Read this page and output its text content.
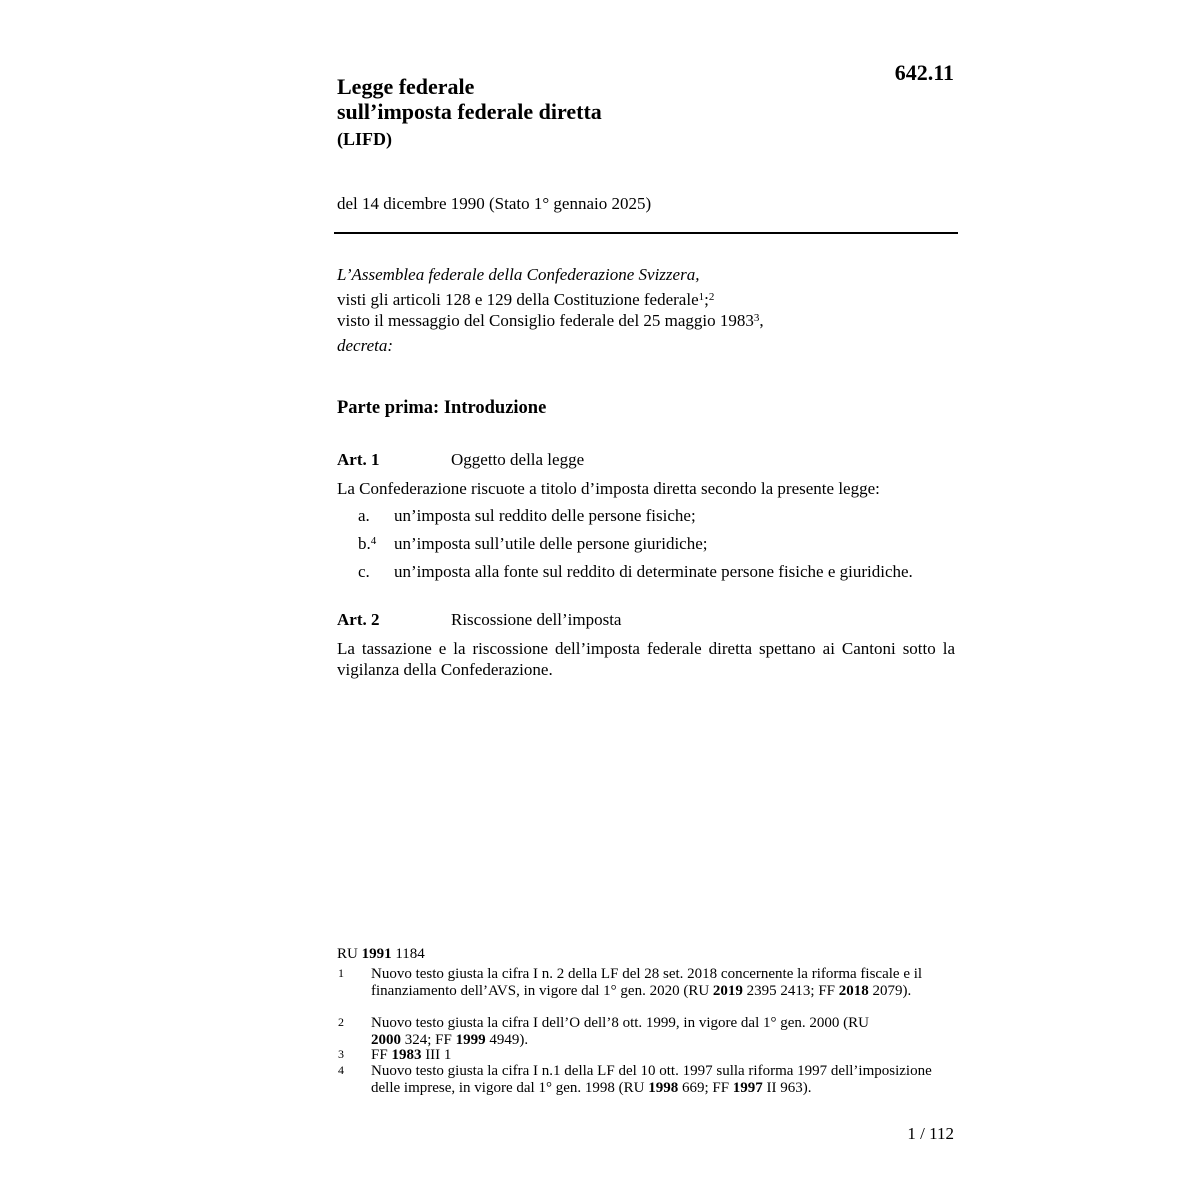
642.11
Legge federale
sull’imposta federale diretta
(LIFD)
del 14 dicembre 1990 (Stato 1° gennaio 2025)
L’Assemblea federale della Confederazione Svizzera,
visti gli articoli 128 e 129 della Costituzione federale$^1$;$^2$
visto il messaggio del Consiglio federale del 25 maggio 1983$^3$,
decreta:
Parte prima: Introduzione
Art. 1	Oggetto della legge
La Confederazione riscuote a titolo d’imposta diretta secondo la presente legge:
a. un’imposta sul reddito delle persone fisiche;
b.$^4$ un’imposta sull’utile delle persone giuridiche;
c. un’imposta alla fonte sul reddito di determinate persone fisiche e giuridiche.
Art. 2	Riscossione dell’imposta
La tassazione e la riscossione dell’imposta federale diretta spettano ai Cantoni sotto la vigilanza della Confederazione.
RU 1991 1184
1 Nuovo testo giusta la cifra I n. 2 della LF del 28 set. 2018 concernente la riforma fiscale e il finanziamento dell’AVS, in vigore dal 1° gen. 2020 (RU 2019 2395 2413; FF 2018 2079).
2 Nuovo testo giusta la cifra I dell’O dell’8 ott. 1999, in vigore dal 1° gen. 2000 (RU 2000 324; FF 1999 4949).
3 FF 1983 III 1
4 Nuovo testo giusta la cifra I n.1 della LF del 10 ott. 1997 sulla riforma 1997 dell’imposizione delle imprese, in vigore dal 1° gen. 1998 (RU 1998 669; FF 1997 II 963).
1 / 112
